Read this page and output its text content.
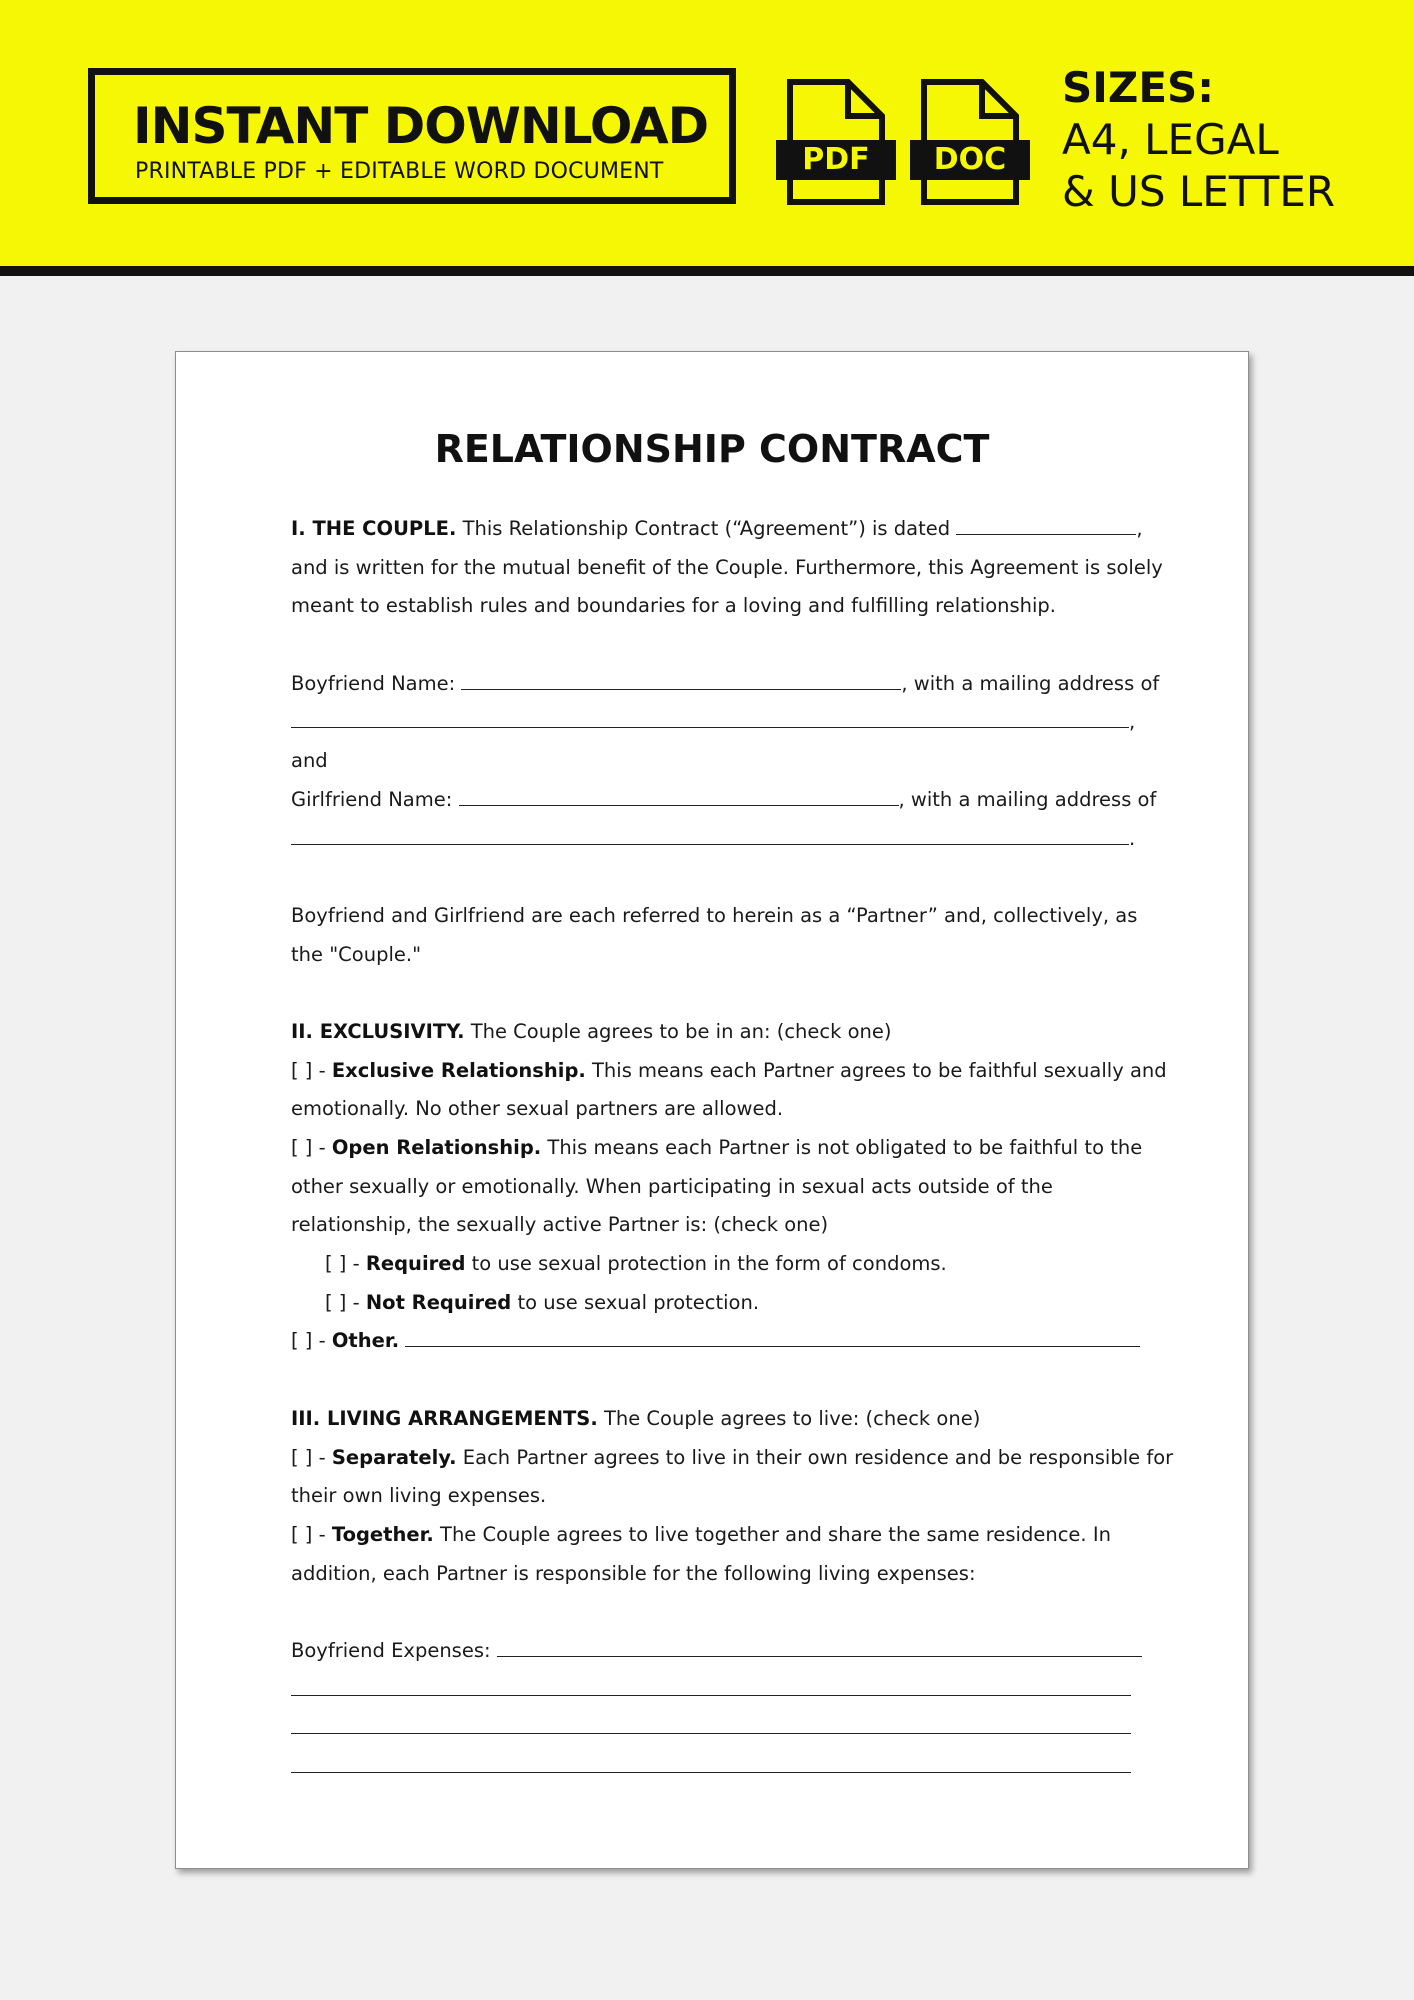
INSTANT DOWNLOAD
PRINTABLE PDF + EDITABLE WORD DOCUMENT	PDF	DOC
SIZES:
A4, LEGAL
& US LETTER
RELATIONSHIP CONTRACT
I. THE COUPLE. This Relationship Contract (“Agreement”) is dated	,
and is written for the mutual benefit of the Couple. Furthermore, this Agreement is solely
meant to establish rules and boundaries for a loving and fulfilling relationship.
Boyfriend Name:	, with a mailing address of
,
and
Girlfriend Name:	, with a mailing address of
.
Boyfriend and Girlfriend are each referred to herein as a “Partner” and, collectively, as
the "Couple."
II. EXCLUSIVITY. The Couple agrees to be in an: (check one)
[ ] - Exclusive Relationship. This means each Partner agrees to be faithful sexually and
emotionally. No other sexual partners are allowed.
[ ] - Open Relationship. This means each Partner is not obligated to be faithful to the
other sexually or emotionally. When participating in sexual acts outside of the
relationship, the sexually active Partner is: (check one)
[ ] - Required to use sexual protection in the form of condoms.
[ ] - Not Required to use sexual protection.
[ ] - Other.
III. LIVING ARRANGEMENTS. The Couple agrees to live: (check one)
[ ] - Separately. Each Partner agrees to live in their own residence and be responsible for
their own living expenses.
[ ] - Together. The Couple agrees to live together and share the same residence. In
addition, each Partner is responsible for the following living expenses:
Boyfriend Expenses:
